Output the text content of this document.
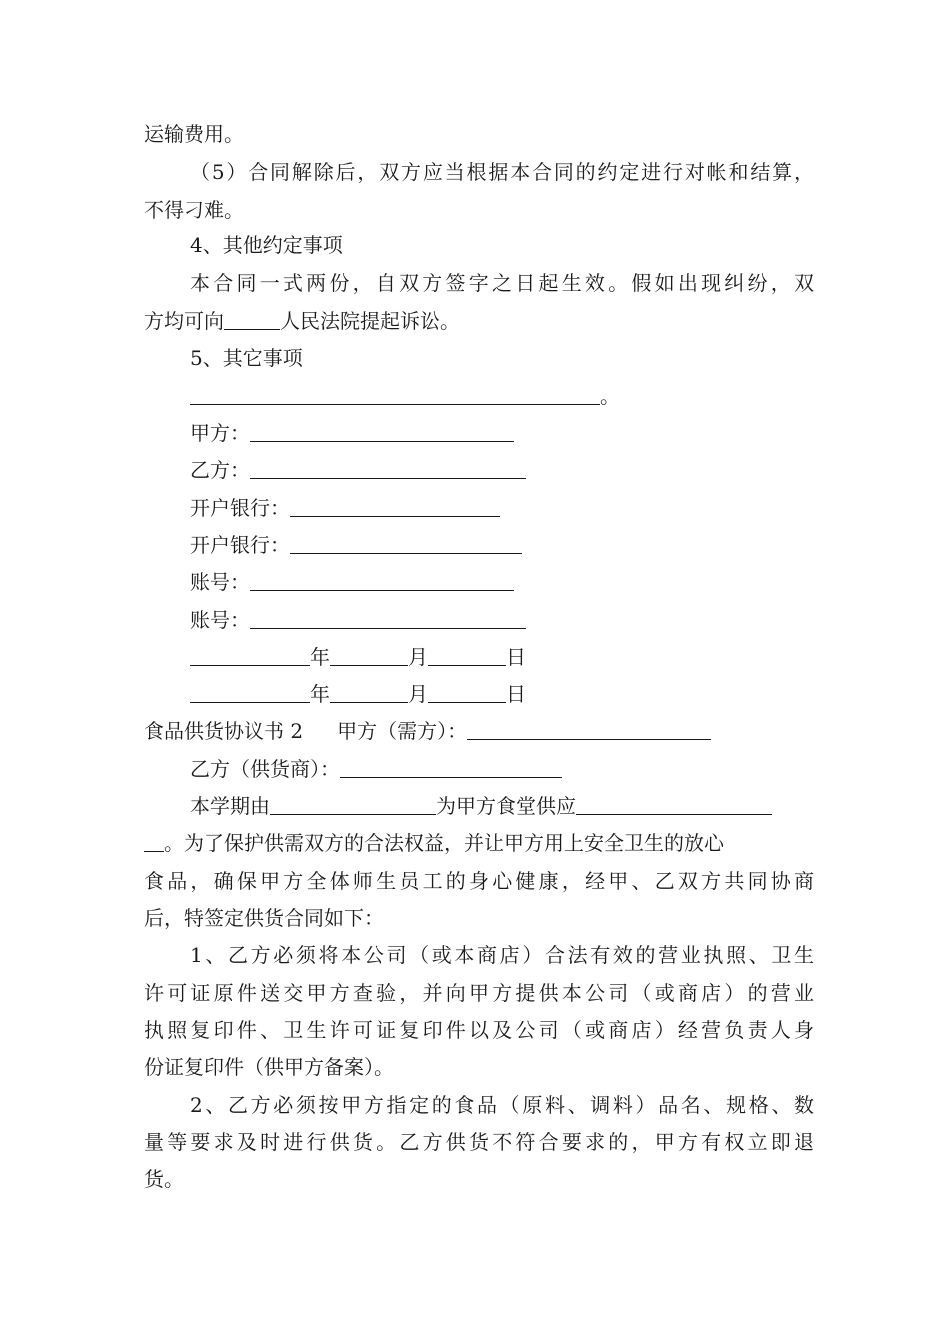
运输费用。
（5）合同解除后，双方应当根据本合同的约定进行对帐和结算，
不得刁难。
4、其他约定事项
本合同一式两份，自双方签字之日起生效。假如出现纠纷，双
方均可向	人民法院提起诉讼。
5、其它事项
。
甲方：
乙方：
开户银行：
开户银行：
账号：
账号：
年	月	日
年	月	日
食品供货协议书 2 甲方（需方）：
乙方（供货商）：
本学期由	为甲方食堂供应
。为了保护供需双方的合法权益，并让甲方用上安全卫生的放心
食品，确保甲方全体师生员工的身心健康，经甲、乙双方共同协商
后，特签定供货合同如下：
1、乙方必须将本公司（或本商店）合法有效的营业执照、卫生
许可证原件送交甲方查验，并向甲方提供本公司（或商店）的营业
执照复印件、卫生许可证复印件以及公司（或商店）经营负责人身
份证复印件（供甲方备案）。
2、乙方必须按甲方指定的食品（原料、调料）品名、规格、数
量等要求及时进行供货。乙方供货不符合要求的，甲方有权立即退
货。
